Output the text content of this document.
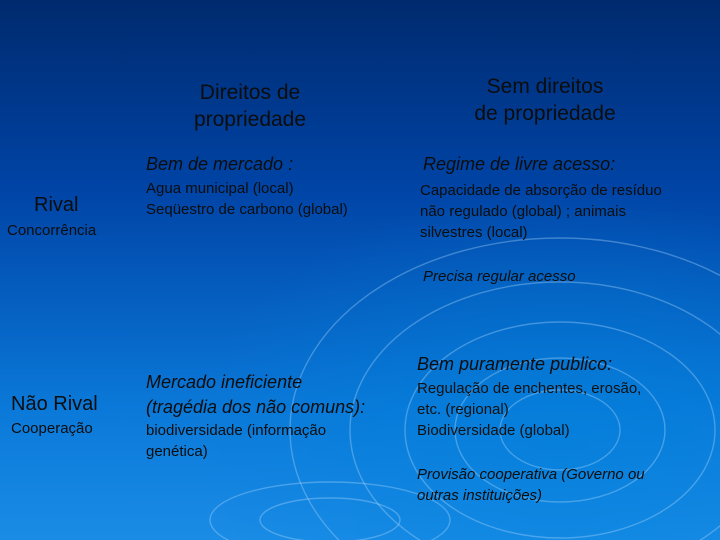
Direitos de
propriedade
Sem direitos
de propriedade
Rival
Concorrência
Bem de mercado :
Agua municipal (local)
Seqüestro de carbono (global)
Regime de livre acesso:
Capacidade de absorção de resíduo
não regulado (global) ; animais
silvestres (local)
Precisa regular acesso
Não Rival
Cooperação
Mercado ineficiente
(tragédia dos não comuns):
biodiversidade (informação
genética)
Bem puramente publico:
Regulação de enchentes, erosão,
etc. (regional)
Biodiversidade (global)
Provisão cooperativa (Governo ou
outras instituições)
